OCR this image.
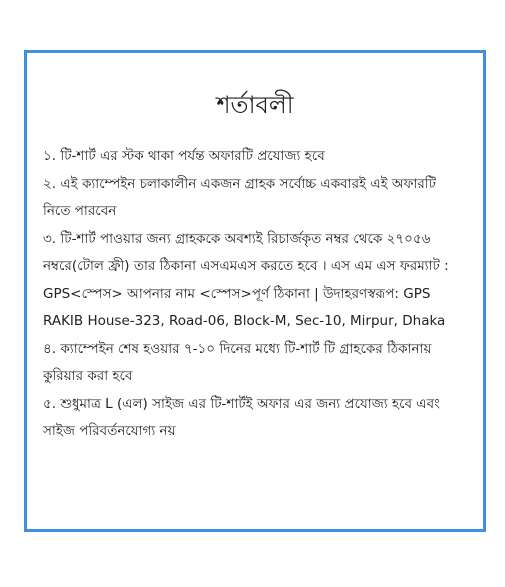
শর্তাবলী

১. টি-শার্ট এর স্টক থাকা পর্যন্ত অফারটি প্রযোজ্য হবে

২. এই ক্যাম্পেইন চলাকালীন একজন গ্রাহক সর্বোচ্চ একবারই এই অফারটি নিতে পারবেন

৩. টি-শার্ট পাওয়ার জন্য গ্রাহককে অবশ্যই রিচার্জকৃত নম্বর থেকে ২৭০৫৬ নম্বরে(টোল ফ্রী) তার ঠিকানা এসএমএস করতে হবে । এস এম এস ফরম্যাট : GPS<স্পেস> আপনার নাম <স্পেস>পূর্ণ ঠিকানা | উদাহরণস্বরূপ: GPS RAKIB House-323, Road-06, Block-M, Sec-10, Mirpur, Dhaka

৪. ক্যাম্পেইন শেষ হওয়ার ৭-১০ দিনের মধ্যে টি-শার্ট টি গ্রাহকের ঠিকানায় কুরিয়ার করা হবে

৫. শুধুমাত্র L (এল) সাইজ এর টি-শার্টই অফার এর জন্য প্রযোজ্য হবে এবং সাইজ পরিবর্তনযোগ্য নয়
